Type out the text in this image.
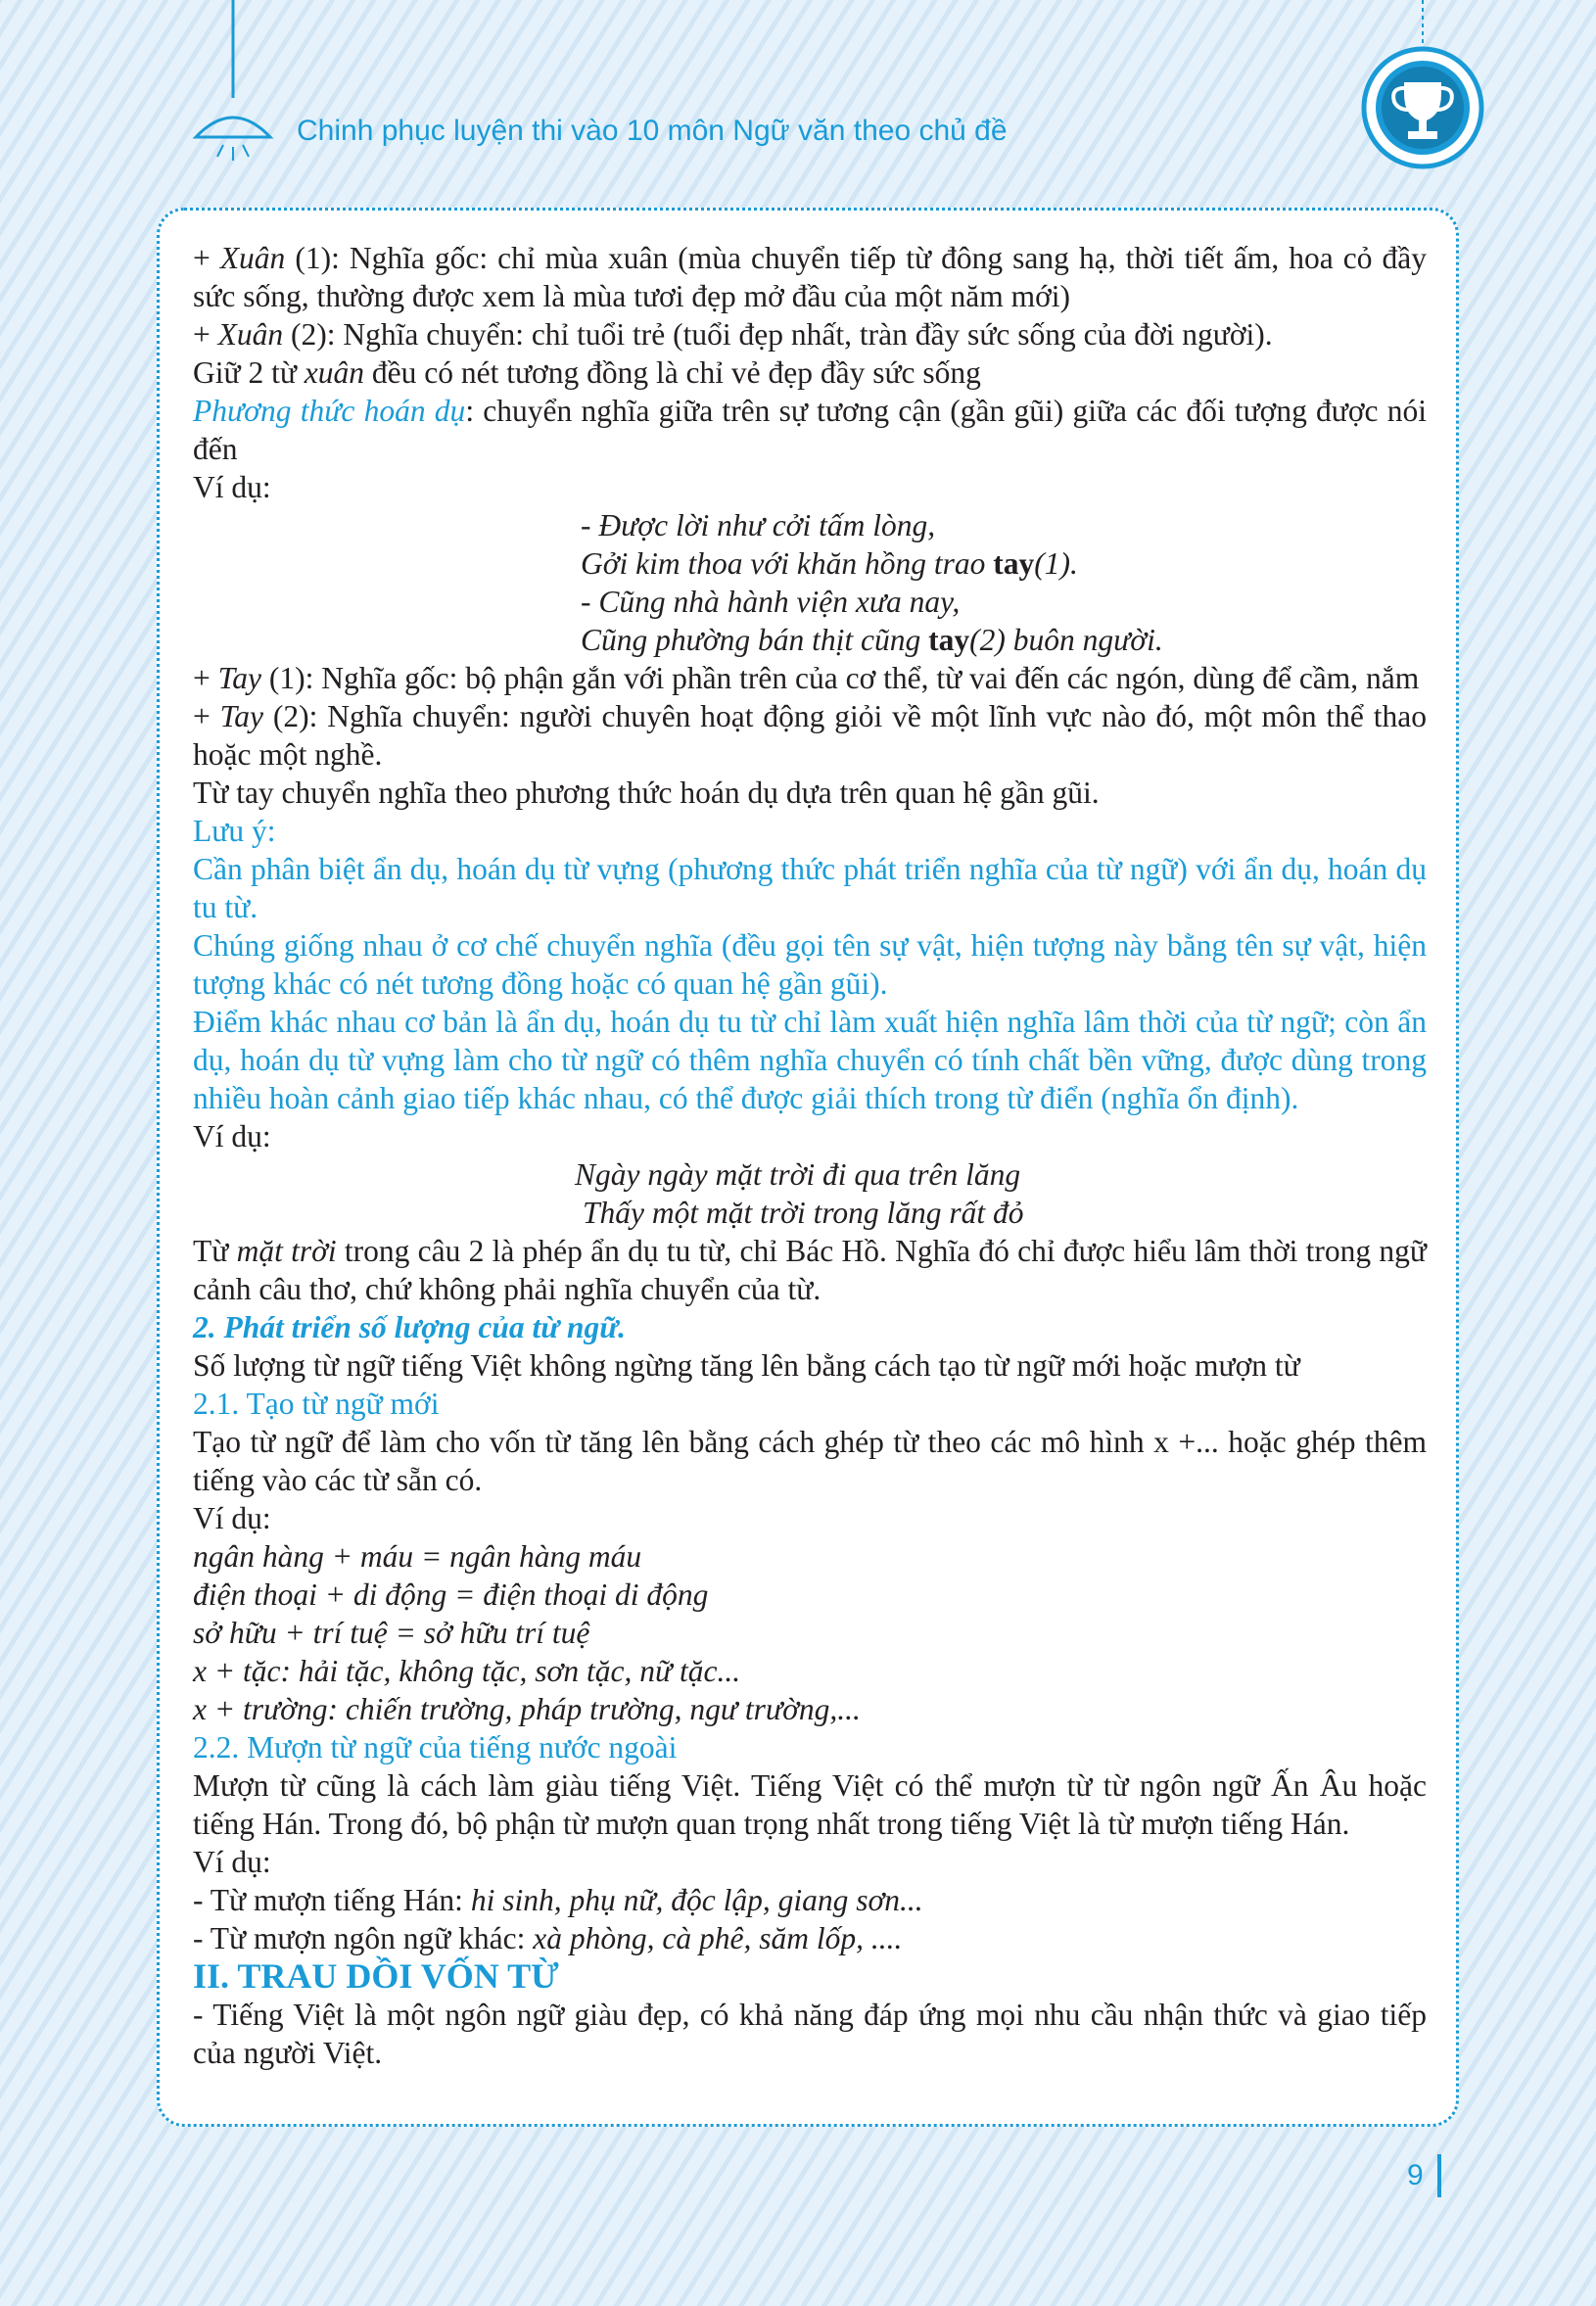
Chinh phục luyện thi vào 10 môn Ngữ văn theo chủ đề

+ Xuân (1): Nghĩa gốc: chỉ mùa xuân (mùa chuyển tiếp từ đông sang hạ, thời tiết ấm, hoa cỏ đầy sức sống, thường được xem là mùa tươi đẹp mở đầu của một năm mới)

+ Xuân (2): Nghĩa chuyển: chỉ tuổi trẻ (tuổi đẹp nhất, tràn đầy sức sống của đời người).

Giữ 2 từ xuân đều có nét tương đồng là chỉ vẻ đẹp đầy sức sống

Phương thức hoán dụ: chuyển nghĩa giữa trên sự tương cận (gần gũi) giữa các đối tượng được nói đến

Ví dụ:

- Được lời như cởi tấm lòng,

Gởi kim thoa với khăn hồng trao tay(1).

- Cũng nhà hành viện xưa nay,

Cũng phường bán thịt cũng tay(2) buôn người.

+ Tay (1): Nghĩa gốc: bộ phận gắn với phần trên của cơ thể, từ vai đến các ngón, dùng để cầm, nắm

+ Tay (2): Nghĩa chuyển: người chuyên hoạt động giỏi về một lĩnh vực nào đó, một môn thể thao hoặc một nghề.

Từ tay chuyển nghĩa theo phương thức hoán dụ dựa trên quan hệ gần gũi.

Lưu ý:

Cần phân biệt ẩn dụ, hoán dụ từ vựng (phương thức phát triển nghĩa của từ ngữ) với ẩn dụ, hoán dụ tu từ.

Chúng giống nhau ở cơ chế chuyển nghĩa (đều gọi tên sự vật, hiện tượng này bằng tên sự vật, hiện tượng khác có nét tương đồng hoặc có quan hệ gần gũi).

Điểm khác nhau cơ bản là ẩn dụ, hoán dụ tu từ chỉ làm xuất hiện nghĩa lâm thời của từ ngữ; còn ẩn dụ, hoán dụ từ vựng làm cho từ ngữ có thêm nghĩa chuyển có tính chất bền vững, được dùng trong nhiều hoàn cảnh giao tiếp khác nhau, có thể được giải thích trong từ điển (nghĩa ổn định).

Ví dụ:

Ngày ngày mặt trời đi qua trên lăng

Thấy một mặt trời trong lăng rất đỏ

Từ mặt trời trong câu 2 là phép ẩn dụ tu từ, chỉ Bác Hồ. Nghĩa đó chỉ được hiểu lâm thời trong ngữ cảnh câu thơ, chứ không phải nghĩa chuyển của từ.

2. Phát triển số lượng của từ ngữ.

Số lượng từ ngữ tiếng Việt không ngừng tăng lên bằng cách tạo từ ngữ mới hoặc mượn từ

2.1. Tạo từ ngữ mới

Tạo từ ngữ để làm cho vốn từ tăng lên bằng cách ghép từ theo các mô hình x +... hoặc ghép thêm tiếng vào các từ sẵn có.

Ví dụ:

ngân hàng + máu = ngân hàng máu

điện thoại + di động = điện thoại di động

sở hữu + trí tuệ = sở hữu trí tuệ

x + tặc: hải tặc, không tặc, sơn tặc, nữ tặc...

x + trường: chiến trường, pháp trường, ngư trường,...

2.2. Mượn từ ngữ của tiếng nước ngoài

Mượn từ cũng là cách làm giàu tiếng Việt. Tiếng Việt có thể mượn từ từ ngôn ngữ Ấn Âu hoặc tiếng Hán. Trong đó, bộ phận từ mượn quan trọng nhất trong tiếng Việt là từ mượn tiếng Hán.

Ví dụ:

- Từ mượn tiếng Hán: hi sinh, phụ nữ, độc lập, giang sơn...

- Từ mượn ngôn ngữ khác: xà phòng, cà phê, săm lốp, ....

II. TRAU DỒI VỐN TỪ

- Tiếng Việt là một ngôn ngữ giàu đẹp, có khả năng đáp ứng mọi nhu cầu nhận thức và giao tiếp của người Việt.

9
